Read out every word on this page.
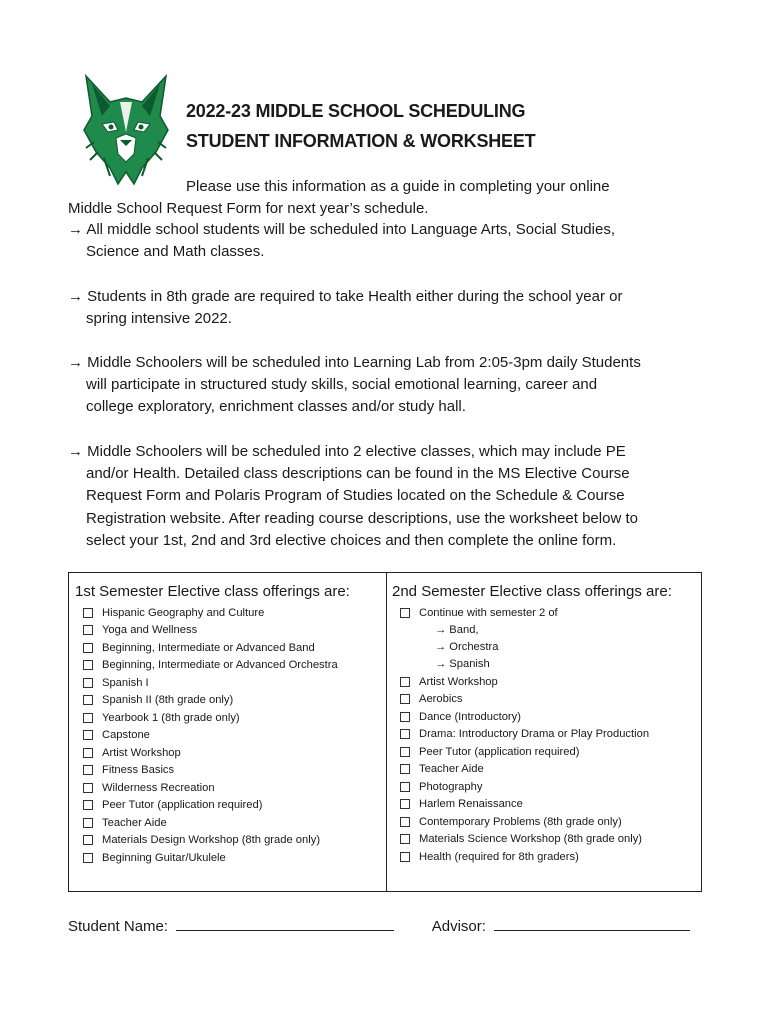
2022-23 MIDDLE SCHOOL SCHEDULING
STUDENT INFORMATION & WORKSHEET
Please use this information as a guide in completing your online
Middle School Request Form for next year’s schedule.
→ All middle school students will be scheduled into Language Arts, Social Studies,
Science and Math classes.
→ Students in 8th grade are required to take Health either during the school year or
spring intensive 2022.
→ Middle Schoolers will be scheduled into Learning Lab from 2:05-3pm daily Students
will participate in structured study skills, social emotional learning, career and
college exploratory, enrichment classes and/or study hall.
→ Middle Schoolers will be scheduled into 2 elective classes, which may include PE
and/or Health. Detailed class descriptions can be found in the MS Elective Course
Request Form and Polaris Program of Studies located on the Schedule & Course
Registration website. After reading course descriptions, use the worksheet below to
select your 1st, 2nd and 3rd elective choices and then complete the online form.
1st Semester Elective class offerings are:
Hispanic Geography and Culture
Yoga and Wellness
Beginning, Intermediate or Advanced Band
Beginning, Intermediate or Advanced Orchestra
Spanish I
Spanish II (8th grade only)
Yearbook 1 (8th grade only)
Capstone
Artist Workshop
Fitness Basics
Wilderness Recreation
Peer Tutor (application required)
Teacher Aide
Materials Design Workshop (8th grade only)
Beginning Guitar/Ukulele
2nd Semester Elective class offerings are:
Continue with semester 2 of
→ Band,
→ Orchestra
→ Spanish
Artist Workshop
Aerobics
Dance (Introductory)
Drama: Introductory Drama or Play Production
Peer Tutor (application required)
Teacher Aide
Photography
Harlem Renaissance
Contemporary Problems (8th grade only)
Materials Science Workshop (8th grade only)
Health (required for 8th graders)
Student Name:	Advisor:
